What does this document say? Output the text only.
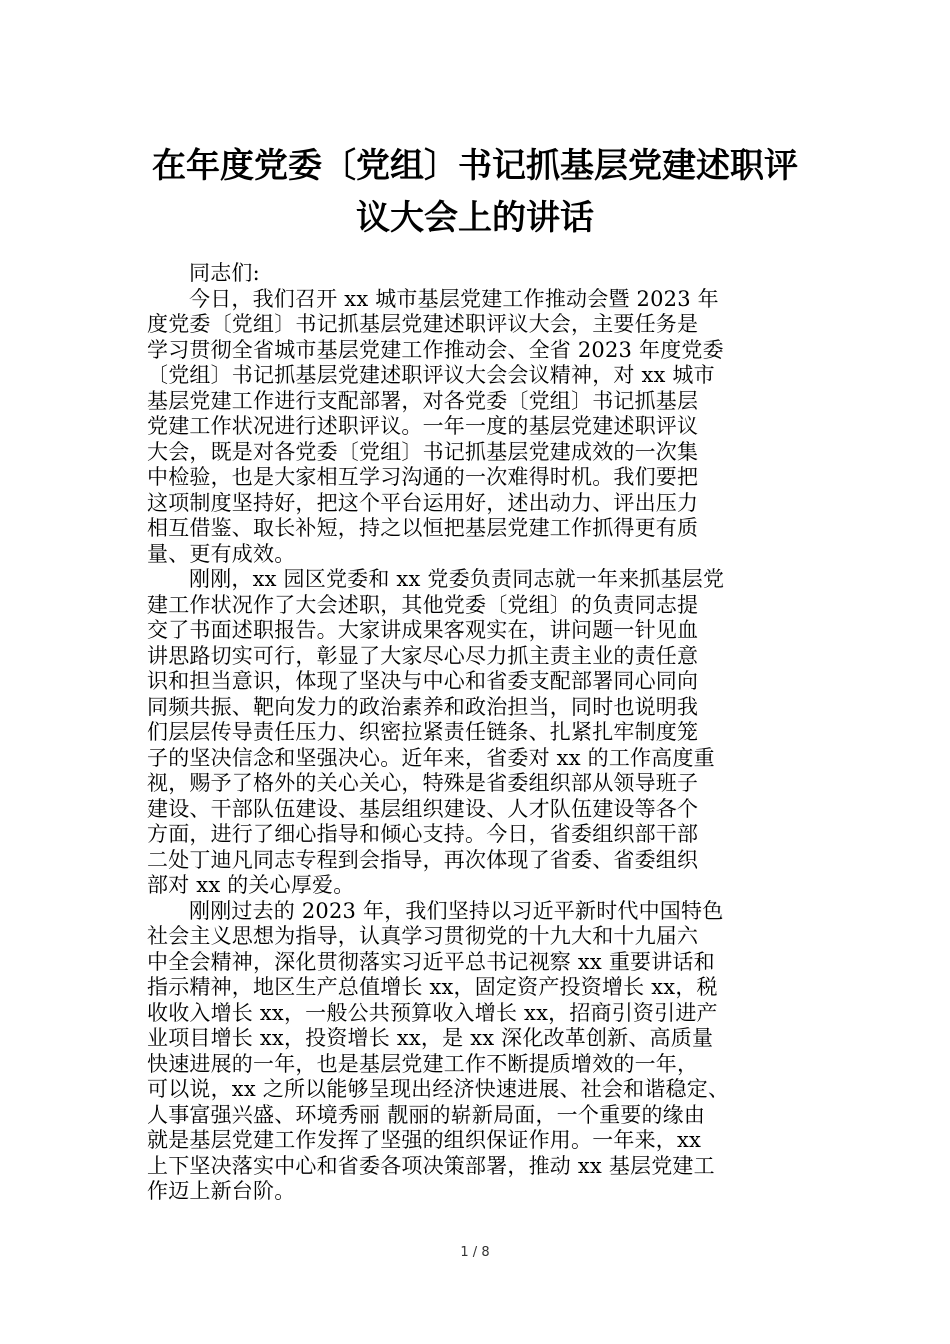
在年度党委〔党组〕书记抓基层党建述职评
议大会上的讲话

同志们:

今日，我们召开 xx 城市基层党建工作推动会暨 2023 年
度党委〔党组〕书记抓基层党建述职评议大会，主要任务是
学习贯彻全省城市基层党建工作推动会、全省 2023 年度党委
〔党组〕书记抓基层党建述职评议大会会议精神，对 xx 城市
基层党建工作进行支配部署，对各党委〔党组〕书记抓基层
党建工作状况进行述职评议。一年一度的基层党建述职评议
大会，既是对各党委〔党组〕书记抓基层党建成效的一次集
中检验，也是大家相互学习沟通的一次难得时机。我们要把
这项制度坚持好，把这个平台运用好，述出动力、评出压力
相互借鉴、取长补短，持之以恒把基层党建工作抓得更有质
量、更有成效。

刚刚，xx 园区党委和 xx 党委负责同志就一年来抓基层党
建工作状况作了大会述职，其他党委〔党组〕的负责同志提
交了书面述职报告。大家讲成果客观实在，讲问题一针见血
讲思路切实可行，彰显了大家尽心尽力抓主责主业的责任意
识和担当意识，体现了坚决与中心和省委支配部署同心同向
同频共振、靶向发力的政治素养和政治担当，同时也说明我
们层层传导责任压力、织密拉紧责任链条、扎紧扎牢制度笼
子的坚决信念和坚强决心。近年来，省委对 xx 的工作高度重
视，赐予了格外的关心关心，特殊是省委组织部从领导班子
建设、干部队伍建设、基层组织建设、人才队伍建设等各个
方面，进行了细心指导和倾心支持。今日，省委组织部干部
二处丁迪凡同志专程到会指导，再次体现了省委、省委组织
部对 xx 的关心厚爱。

刚刚过去的 2023 年，我们坚持以习近平新时代中国特色
社会主义思想为指导，认真学习贯彻党的十九大和十九届六
中全会精神，深化贯彻落实习近平总书记视察 xx 重要讲话和
指示精神，地区生产总值增长 xx，固定资产投资增长 xx，税
收收入增长 xx，一般公共预算收入增长 xx，招商引资引进产
业项目增长 xx，投资增长 xx，是 xx 深化改革创新、高质量
快速进展的一年，也是基层党建工作不断提质增效的一年，
可以说，xx 之所以能够呈现出经济快速进展、社会和谐稳定、
人事富强兴盛、环境秀丽 靓丽的崭新局面，一个重要的缘由
就是基层党建工作发挥了坚强的组织保证作用。一年来，xx
上下坚决落实中心和省委各项决策部署，推动 xx 基层党建工
作迈上新台阶。

1 / 8
